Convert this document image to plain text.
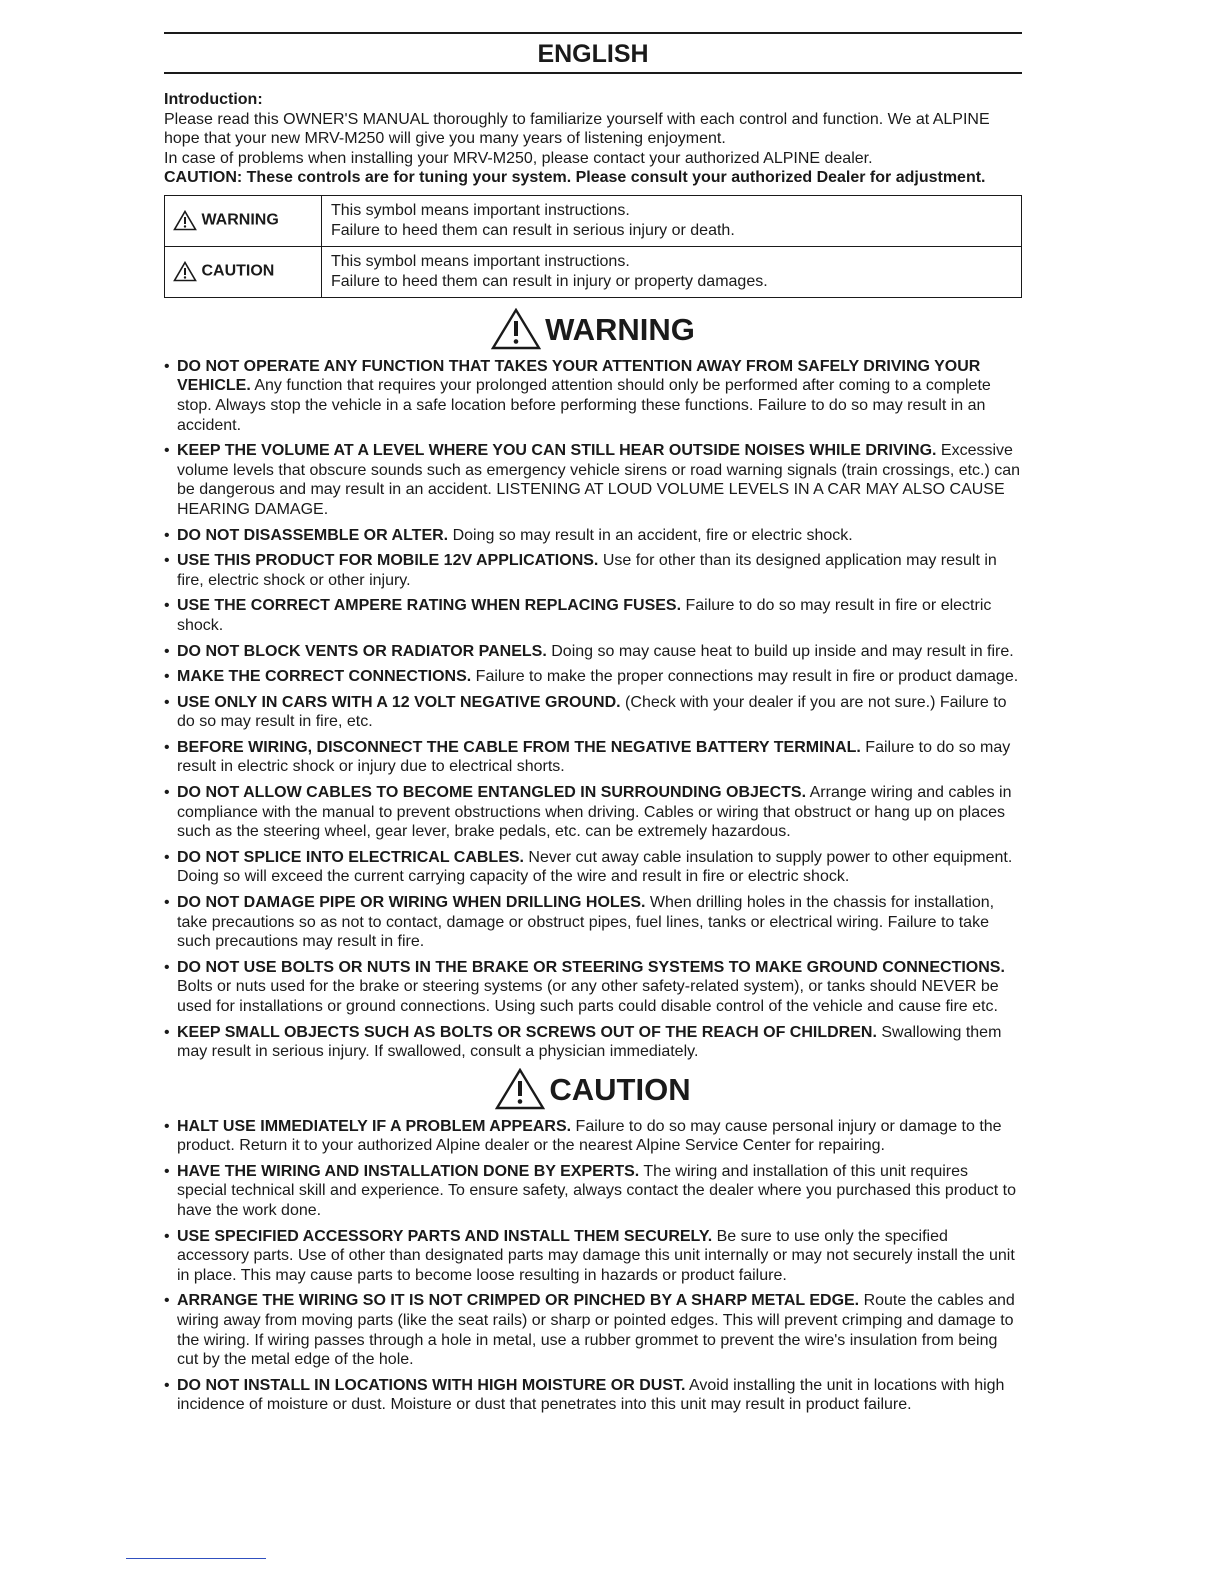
ENGLISH
Introduction:
Please read this OWNER'S MANUAL thoroughly to familiarize yourself with each control and function. We at ALPINE hope that your new MRV-M250 will give you many years of listening enjoyment.
In case of problems when installing your MRV-M250, please contact your authorized ALPINE dealer.
CAUTION: These controls are for tuning your system. Please consult your authorized Dealer for adjustment.
WARNING	This symbol means important instructions.
Failure to heed them can result in serious injury or death.

CAUTION	This symbol means important instructions.
Failure to heed them can result in injury or property damages.
WARNING
• DO NOT OPERATE ANY FUNCTION THAT TAKES YOUR ATTENTION AWAY FROM SAFELY DRIVING YOUR VEHICLE. Any function that requires your prolonged attention should only be performed after coming to a complete stop. Always stop the vehicle in a safe location before performing these functions. Failure to do so may result in an accident.
• KEEP THE VOLUME AT A LEVEL WHERE YOU CAN STILL HEAR OUTSIDE NOISES WHILE DRIVING. Excessive volume levels that obscure sounds such as emergency vehicle sirens or road warning signals (train crossings, etc.) can be dangerous and may result in an accident. LISTENING AT LOUD VOLUME LEVELS IN A CAR MAY ALSO CAUSE HEARING DAMAGE.
• DO NOT DISASSEMBLE OR ALTER. Doing so may result in an accident, fire or electric shock.
• USE THIS PRODUCT FOR MOBILE 12V APPLICATIONS. Use for other than its designed application may result in fire, electric shock or other injury.
• USE THE CORRECT AMPERE RATING WHEN REPLACING FUSES. Failure to do so may result in fire or electric shock.
• DO NOT BLOCK VENTS OR RADIATOR PANELS. Doing so may cause heat to build up inside and may result in fire.
• MAKE THE CORRECT CONNECTIONS. Failure to make the proper connections may result in fire or product damage.
• USE ONLY IN CARS WITH A 12 VOLT NEGATIVE GROUND. (Check with your dealer if you are not sure.) Failure to do so may result in fire, etc.
• BEFORE WIRING, DISCONNECT THE CABLE FROM THE NEGATIVE BATTERY TERMINAL. Failure to do so may result in electric shock or injury due to electrical shorts.
• DO NOT ALLOW CABLES TO BECOME ENTANGLED IN SURROUNDING OBJECTS. Arrange wiring and cables in compliance with the manual to prevent obstructions when driving. Cables or wiring that obstruct or hang up on places such as the steering wheel, gear lever, brake pedals, etc. can be extremely hazardous.
• DO NOT SPLICE INTO ELECTRICAL CABLES. Never cut away cable insulation to supply power to other equipment. Doing so will exceed the current carrying capacity of the wire and result in fire or electric shock.
• DO NOT DAMAGE PIPE OR WIRING WHEN DRILLING HOLES. When drilling holes in the chassis for installation, take precautions so as not to contact, damage or obstruct pipes, fuel lines, tanks or electrical wiring. Failure to take such precautions may result in fire.
• DO NOT USE BOLTS OR NUTS IN THE BRAKE OR STEERING SYSTEMS TO MAKE GROUND CONNECTIONS. Bolts or nuts used for the brake or steering systems (or any other safety-related system), or tanks should NEVER be used for installations or ground connections. Using such parts could disable control of the vehicle and cause fire etc.
• KEEP SMALL OBJECTS SUCH AS BOLTS OR SCREWS OUT OF THE REACH OF CHILDREN. Swallowing them may result in serious injury. If swallowed, consult a physician immediately.
CAUTION
• HALT USE IMMEDIATELY IF A PROBLEM APPEARS. Failure to do so may cause personal injury or damage to the product. Return it to your authorized Alpine dealer or the nearest Alpine Service Center for repairing.
• HAVE THE WIRING AND INSTALLATION DONE BY EXPERTS. The wiring and installation of this unit requires special technical skill and experience. To ensure safety, always contact the dealer where you purchased this product to have the work done.
• USE SPECIFIED ACCESSORY PARTS AND INSTALL THEM SECURELY. Be sure to use only the specified accessory parts. Use of other than designated parts may damage this unit internally or may not securely install the unit in place. This may cause parts to become loose resulting in hazards or product failure.
• ARRANGE THE WIRING SO IT IS NOT CRIMPED OR PINCHED BY A SHARP METAL EDGE. Route the cables and wiring away from moving parts (like the seat rails) or sharp or pointed edges. This will prevent crimping and damage to the wiring. If wiring passes through a hole in metal, use a rubber grommet to prevent the wire's insulation from being cut by the metal edge of the hole.
• DO NOT INSTALL IN LOCATIONS WITH HIGH MOISTURE OR DUST. Avoid installing the unit in locations with high incidence of moisture or dust. Moisture or dust that penetrates into this unit may result in product failure.
